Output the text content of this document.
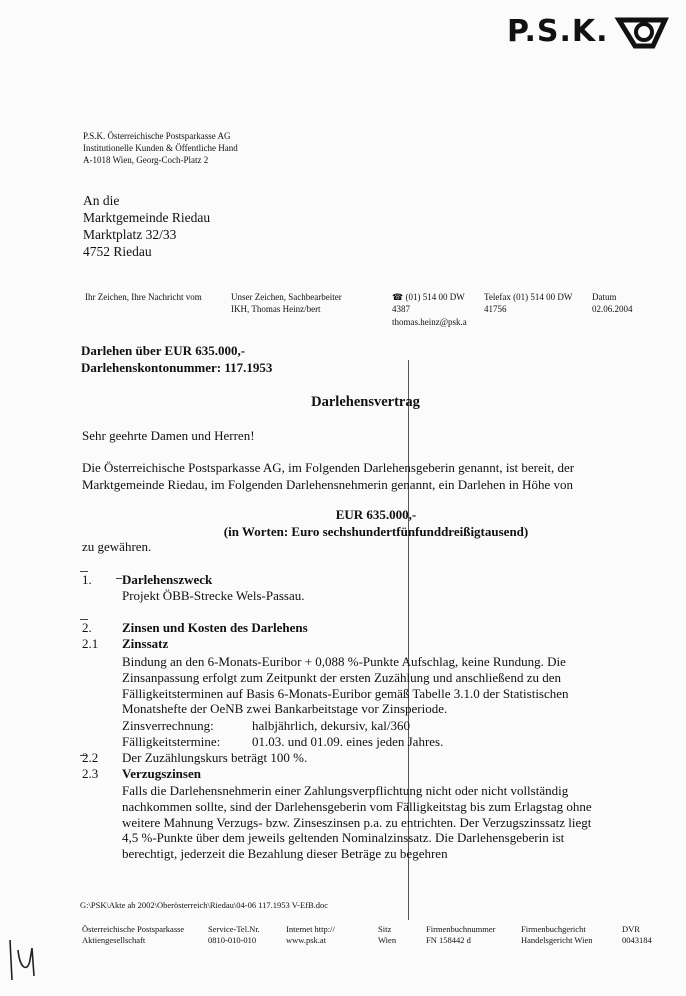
P.S.K.
P.S.K. Österreichische Postsparkasse AG
Institutionelle Kunden & Öffentliche Hand
A-1018 Wien, Georg-Coch-Platz 2
An die
Marktgemeinde Riedau
Marktplatz 32/33
4752 Riedau
Ihr Zeichen, Ihre Nachricht vom	Unser Zeichen, Sachbearbeiter
IKH, Thomas Heinz/bert
☎ (01) 514 00 DW
4387
thomas.heinz@psk.a
Telefax (01) 514 00 DW
41756
Datum
02.06.2004
Darlehen über EUR 635.000,-
Darlehenskontonummer: 117.1953
Darlehensvertrag
Sehr geehrte Damen und Herren!
Die Österreichische Postsparkasse AG, im Folgenden Darlehensgeberin genannt, ist bereit, der
Marktgemeinde Riedau, im Folgenden Darlehensnehmerin genannt, ein Darlehen in Höhe von
EUR 635.000,-
(in Worten: Euro sechshundertfünfunddreißigtausend)
zu gewähren.
1. Darlehenszweck
Projekt ÖBB-Strecke Wels-Passau.
2. Zinsen und Kosten des Darlehens
2.1 Zinssatz
Bindung an den 6-Monats-Euribor + 0,088 %-Punkte Aufschlag, keine Rundung. Die
Zinsanpassung erfolgt zum Zeitpunkt der ersten Zuzählung und anschließend zu den
Fälligkeitsterminen auf Basis 6-Monats-Euribor gemäß Tabelle 3.1.0 der Statistischen
Monatshefte der OeNB zwei Bankarbeitstage vor Zinsperiode.
Zinsverrechnung:	halbjährlich, dekursiv, kal/360
Fälligkeitstermine: 01.03. und 01.09. eines jeden Jahres.
2.2 Der Zuzählungskurs beträgt 100 %.
2.3 Verzugszinsen
Falls die Darlehensnehmerin einer Zahlungsverpflichtung nicht oder nicht vollständig
nachkommen sollte, sind der Darlehensgeberin vom Fälligkeitstag bis zum Erlagstag ohne
weitere Mahnung Verzugs- bzw. Zinseszinsen p.a. zu entrichten. Der Verzugszinssatz liegt
4,5 %-Punkte über dem jeweils geltenden Nominalzinssatz. Die Darlehensgeberin ist
berechtigt, jederzeit die Bezahlung dieser Beträge zu begehren
G:\PSK\Akte ab 2002\Oberösterreich\Riedau\04-06 117.1953 V-EfB.doc
Österreichische Postsparkasse
Aktiengesellschaft
Service-Tel.Nr.
0810-010-010
Internet http://
www.psk.at
Sitz
Wien
Firmenbuchnummer
FN 158442 d
Firmenbuchgericht
Handelsgericht Wien
DVR
0043184
